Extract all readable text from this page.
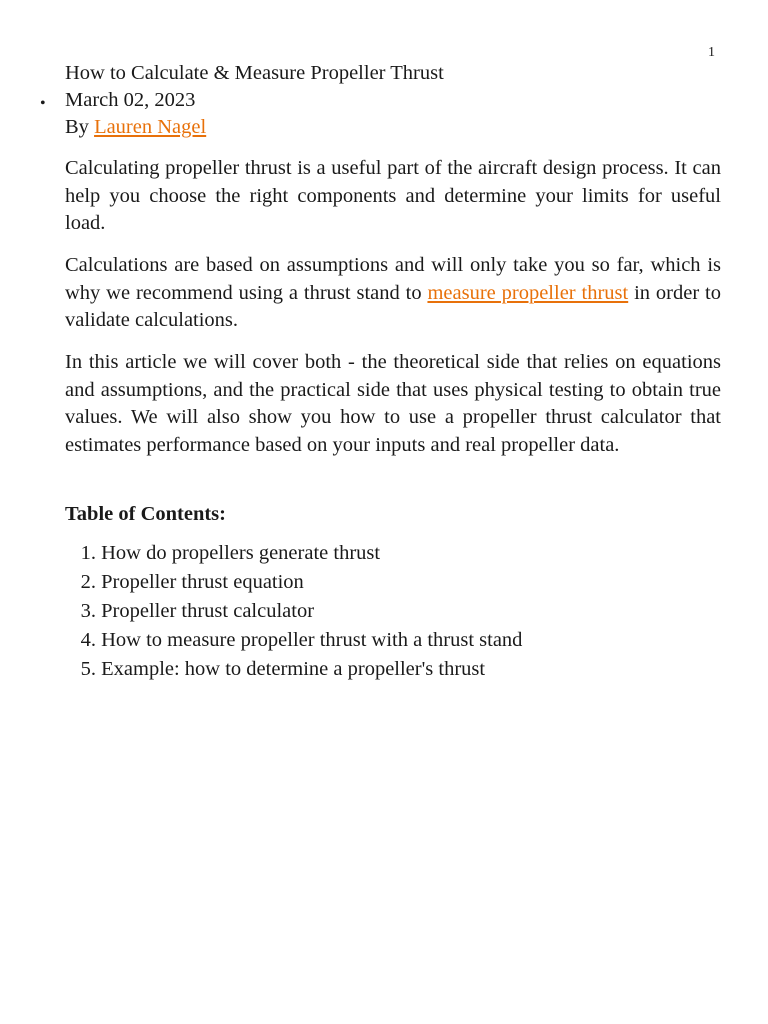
1
•
How to Calculate & Measure Propeller Thrust
March 02, 2023
By Lauren Nagel

Calculating propeller thrust is a useful part of the aircraft design process. It can help you choose the right components and determine your limits for useful load.

Calculations are based on assumptions and will only take you so far, which is why we recommend using a thrust stand to measure propeller thrust in order to validate calculations.

In this article we will cover both - the theoretical side that relies on equations and assumptions, and the practical side that uses physical testing to obtain true values. We will also show you how to use a propeller thrust calculator that estimates performance based on your inputs and real propeller data.

Table of Contents:

1. How do propellers generate thrust
2. Propeller thrust equation
3. Propeller thrust calculator
4. How to measure propeller thrust with a thrust stand
5. Example: how to determine a propeller's thrust
